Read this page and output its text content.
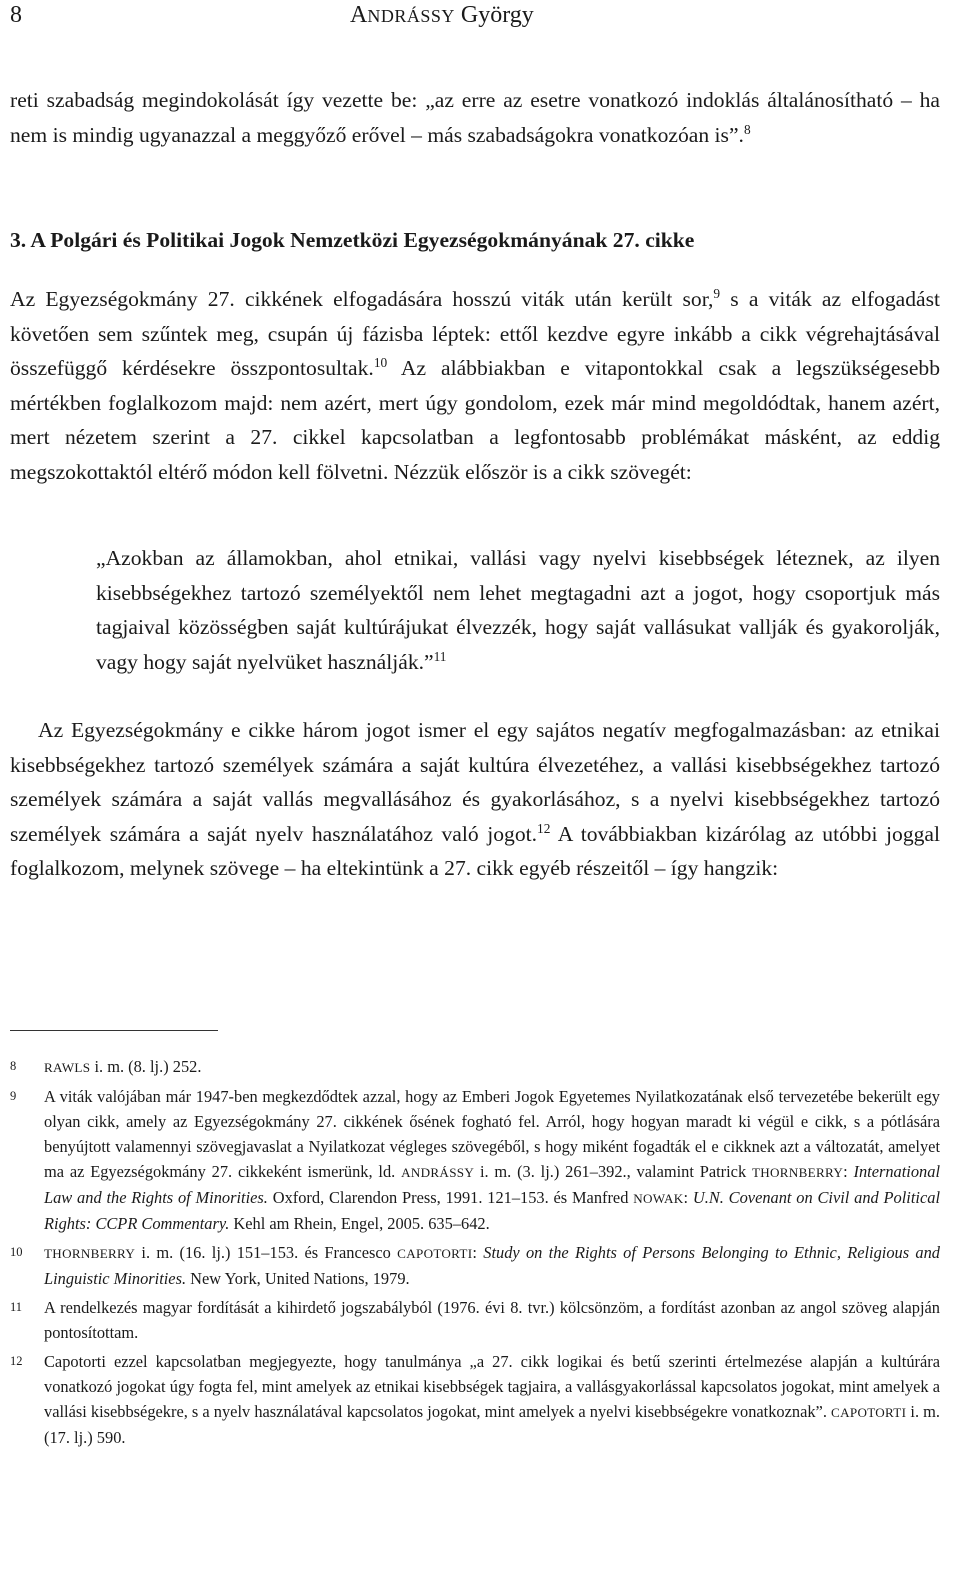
8	ANDRÁSSY György

reti szabadság megindokolását így vezette be: „az erre az esetre vonatkozó indoklás általánosítható – ha nem is mindig ugyanazzal a meggyőző erővel – más szabadságokra vonatkozóan is”.$^8$

3. A Polgári és Politikai Jogok Nemzetközi Egyezségokmányának 27. cikke

Az Egyezségokmány 27. cikkének elfogadására hosszú viták után került sor,$^9$ s a viták az elfogadást követően sem szűntek meg, csupán új fázisba léptek: ettől kezdve egyre inkább a cikk végrehajtásával összefüggő kérdésekre összpontosultak.$^{10}$ Az alábbiakban e vitapontokkal csak a legszükségesebb mértékben foglalkozom majd: nem azért, mert úgy gondolom, ezek már mind megoldódtak, hanem azért, mert nézetem szerint a 27. cikkel kapcsolatban a legfontosabb problémákat másként, az eddig megszokottaktól eltérő módon kell fölvetni. Nézzük először is a cikk szövegét:

„Azokban az államokban, ahol etnikai, vallási vagy nyelvi kisebbségek léteznek, az ilyen kisebbségekhez tartozó személyektől nem lehet megtagadni azt a jogot, hogy csoportjuk más tagjaival közösségben saját kultúrájukat élvezzék, hogy saját vallásukat vallják és gyakorolják, vagy hogy saját nyelvüket használják.”$^{11}$

Az Egyezségokmány e cikke három jogot ismer el egy sajátos negatív megfogalmazásban: az etnikai kisebbségekhez tartozó személyek számára a saját kultúra élvezetéhez, a vallási kisebbségekhez tartozó személyek számára a saját vallás megvallásához és gyakorlásához, s a nyelvi kisebbségekhez tartozó személyek számára a saját nyelv használatához való jogot.$^{12}$ A továbbiakban kizárólag az utóbbi joggal foglalkozom, melynek szövege – ha eltekintünk a 27. cikk egyéb részeitől – így hangzik:

8 RAWLS i. m. (8. lj.) 252.
9 A viták valójában már 1947-ben megkezdődtek azzal, hogy az Emberi Jogok Egyetemes Nyilatkozatának első tervezetébe bekerült egy olyan cikk, amely az Egyezségokmány 27. cikkének ősének fogható fel. Arról, hogy hogyan maradt ki végül e cikk, s a pótlására benyújtott valamennyi szövegjavaslat a Nyilatkozat végleges szövegéből, s hogy miként fogadták el e cikknek azt a változatát, amelyet ma az Egyezségokmány 27. cikkeként ismerünk, ld. ANDRÁSSY i. m. (3. lj.) 261–392., valamint Patrick THORNBERRY: International Law and the Rights of Minorities. Oxford, Clarendon Press, 1991. 121–153. és Manfred NOWAK: U.N. Covenant on Civil and Political Rights: CCPR Commentary. Kehl am Rhein, Engel, 2005. 635–642.
10 THORNBERRY i. m. (16. lj.) 151–153. és Francesco CAPOTORTI: Study on the Rights of Persons Belonging to Ethnic, Religious and Linguistic Minorities. New York, United Nations, 1979.
11 A rendelkezés magyar fordítását a kihirdető jogszabályból (1976. évi 8. tvr.) kölcsönzöm, a fordítást azonban az angol szöveg alapján pontosítottam.
12 Capotorti ezzel kapcsolatban megjegyezte, hogy tanulmánya „a 27. cikk logikai és betű szerinti értelmezése alapján a kultúrára vonatkozó jogokat úgy fogta fel, mint amelyek az etnikai kisebbségek tagjaira, a vallásgyakorlással kapcsolatos jogokat, mint amelyek a vallási kisebbségekre, s a nyelv használatával kapcsolatos jogokat, mint amelyek a nyelvi kisebbségekre vonatkoznak”. CAPOTORTI i. m. (17. lj.) 590.
